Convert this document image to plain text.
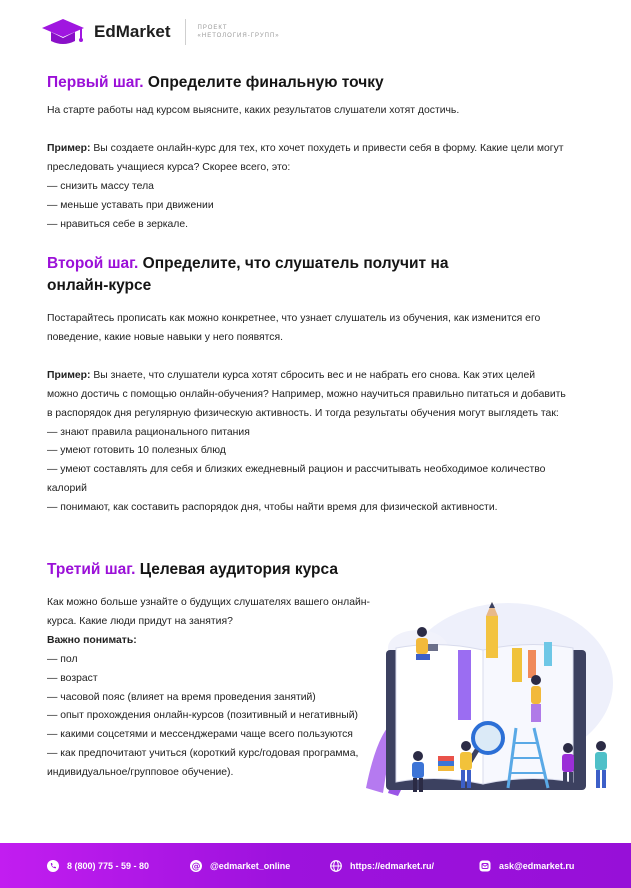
EdMarket	ПРОЕКТ
«НЕТОЛОГИЯ-ГРУПП»
Первый шаг. Определите финальную точку

На старте работы над курсом выясните, каких результатов слушатели хотят достичь.

Пример: Вы создаете онлайн-курс для тех, кто хочет похудеть и привести себя в форму. Какие цели могут преследовать учащиеся курса? Скорее всего, это:

— снизить массу тела

— меньше уставать при движении

— нравиться себе в зеркале.

Второй шаг. Определите, что слушатель получит на онлайн-курсе

Постарайтесь прописать как можно конкретнее, что узнает слушатель из обучения, как изменится его поведение, какие новые навыки у него появятся.

Пример: Вы знаете, что слушатели курса хотят сбросить вес и не набрать его снова. Как этих целей можно достичь с помощью онлайн-обучения? Например, можно научиться правильно питаться и добавить в распорядок дня регулярную физическую активность. И тогда результаты обучения могут выглядеть так:

— знают правила рационального питания

— умеют готовить 10 полезных блюд

— умеют составлять для себя и близких ежедневный рацион и рассчитывать необходимое количество калорий

— понимают, как составить распорядок дня, чтобы найти время для физической активности.

Третий шаг. Целевая аудитория курса

Как можно больше узнайте о будущих слушателях вашего онлайн-курса. Какие люди придут на занятия?

Важно понимать:

— пол

— возраст

— часовой пояс (влияет на время проведения занятий)

— опыт прохождения онлайн-курсов (позитивный и негативный)

— какими соцсетями и мессенджерами чаще всего пользуются

— как предпочитают учиться (короткий курс/годовая программа, индивидуальное/групповое обучение).

8 (800) 775 - 59 - 80	@ @edmarket_online	https://edmarket.ru/	ask@edmarket.ru
